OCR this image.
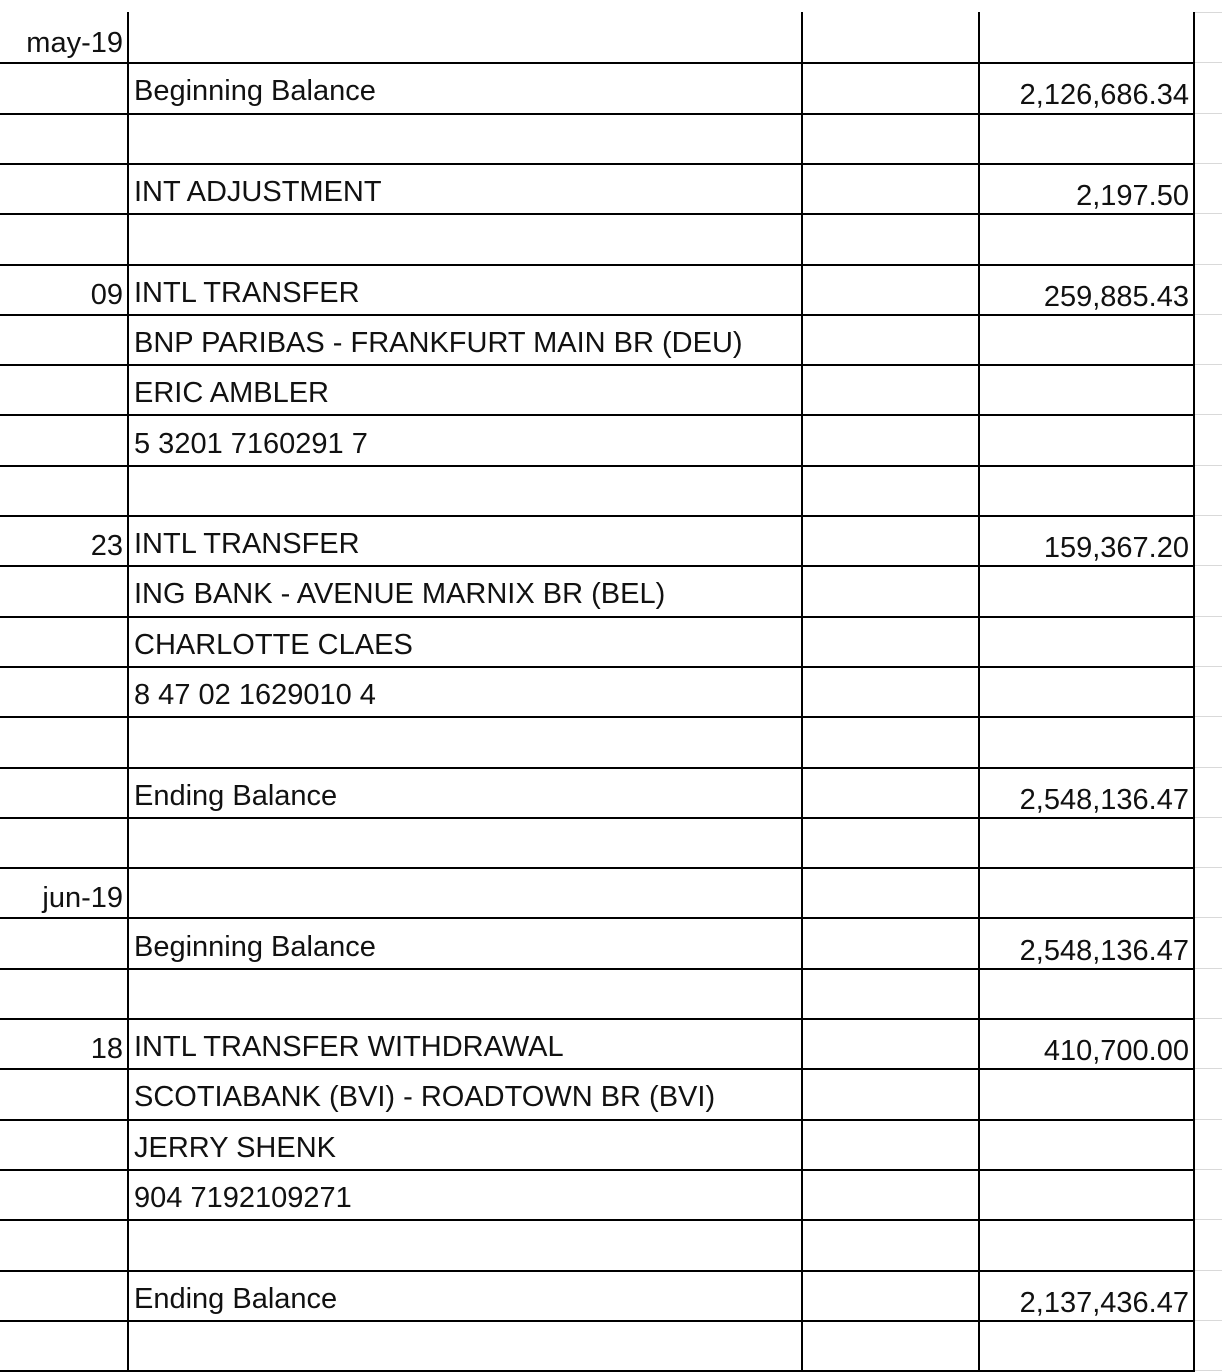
may-19
Beginning Balance	2,126,686.34
INT ADJUSTMENT	2,197.50
09 INTL TRANSFER	259,885.43
BNP PARIBAS - FRANKFURT MAIN BR (DEU)
ERIC AMBLER
5 3201 7160291 7
23 INTL TRANSFER	159,367.20
ING BANK - AVENUE MARNIX BR (BEL)
CHARLOTTE CLAES
8 47 02 1629010 4
Ending Balance	2,548,136.47
jun-19
Beginning Balance	2,548,136.47
18 INTL TRANSFER WITHDRAWAL	410,700.00
SCOTIABANK (BVI) - ROADTOWN BR (BVI)
JERRY SHENK
904 7192109271
Ending Balance	2,137,436.47
